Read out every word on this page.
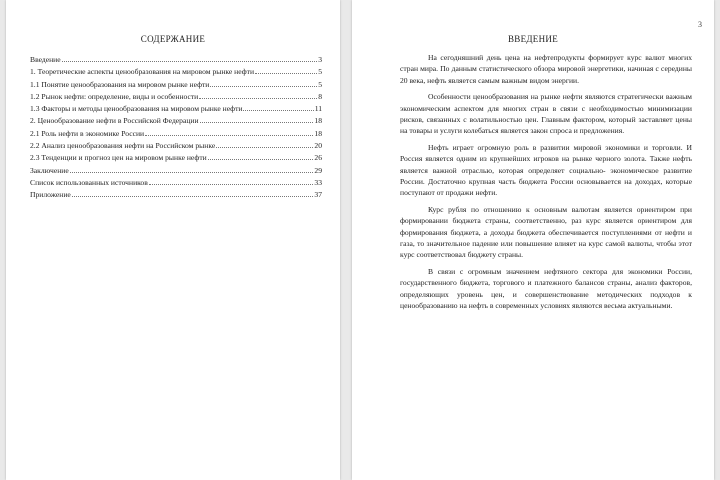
СОДЕРЖАНИЕ
Введение	3
1. Теоретические аспекты ценообразования на мировом рынке нефти	5
1.1 Понятие ценообразования на мировом рынке нефти	5
1.2 Рынок нефти: определение, виды и особенности	8
1.3 Факторы и методы ценообразования на мировом рынке нефти	11
2. Ценообразование нефти в Российской Федерации	18
2.1 Роль нефти в экономике России	18
2.2 Анализ ценообразования нефти на Российском рынке	20
2.3 Тенденции и прогноз цен на мировом рынке нефти	26
Заключение	29
Список использованных источников	33
Приложение	37
3
ВВЕДЕНИЕ

На сегодняшний день цена на нефтепродукты формирует курс валют многих стран мира. По данным статистического обзора мировой энергетики, начиная с середины 20 века, нефть является самым важным видом энергии.

Особенности ценообразования на рынке нефти являются стратегически важным экономическим аспектом для многих стран в связи с необходимостью минимизации рисков, связанных с волатильностью цен. Главным фактором, который заставляет цены на товары и услуги колебаться является закон спроса и предложения.

Нефть играет огромную роль в развитии мировой экономики и торговли. И Россия является одним из крупнейших игроков на рынке черного золота. Также нефть является важной отраслью, которая определяет социально- экономическое развитие России. Достаточно крупная часть бюджета России основывается на доходах, которые поступают от продажи нефти.

Курс рубля по отношению к основным валютам является ориентиром при формировании бюджета страны, соответственно, раз курс является ориентиром для формирования бюджета, а доходы бюджета обеспечивается поступлениями от нефти и газа, то значительное падение или повышение влияет на курс самой валюты, чтобы этот курс соответствовал бюджету страны.

В связи с огромным значением нефтяного сектора для экономики России, государственного бюджета, торгового и платежного балансов страны, анализ факторов, определяющих уровень цен, и совершенствование методических подходов к ценообразованию на нефть в современных условиях являются весьма актуальными.
